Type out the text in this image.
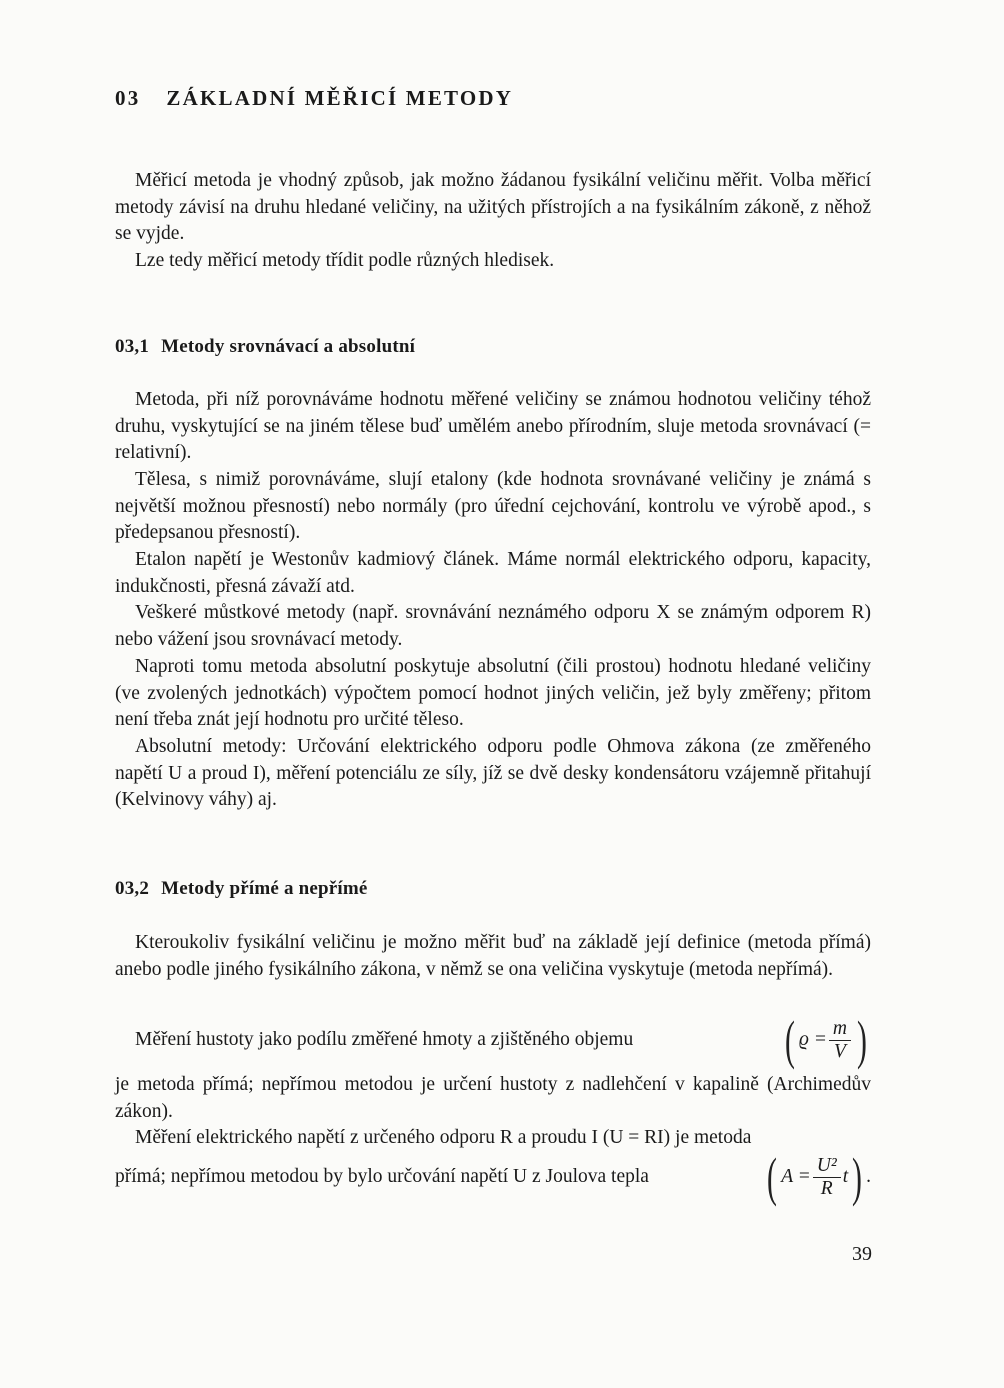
03 ZÁKLADNÍ MĚŘICÍ METODY

Měřicí metoda je vhodný způsob, jak možno žádanou fysikální veličinu měřit. Volba měřicí metody závisí na druhu hledané veličiny, na užitých přístrojích a na fysikálním zákoně, z něhož se vyjde.

Lze tedy měřicí metody třídit podle různých hledisek.

03,1 Metody srovnávací a absolutní

Metoda, při níž porovnáváme hodnotu měřené veličiny se známou hodnotou veličiny téhož druhu, vyskytující se na jiném tělese buď umělém anebo přírodním, sluje metoda srovnávací (= relativní).

Tělesa, s nimiž porovnáváme, slují etalony (kde hodnota srovnávané veličiny je známá s největší možnou přesností) nebo normály (pro úřední cejchování, kontrolu ve výrobě apod., s předepsanou přesností).

Etalon napětí je Westonův kadmiový článek. Máme normál elektrického odporu, kapacity, indukčnosti, přesná závaží atd.

Veškeré můstkové metody (např. srovnávání neznámého odporu X se známým odporem R) nebo vážení jsou srovnávací metody.

Naproti tomu metoda absolutní poskytuje absolutní (čili prostou) hodnotu hledané veličiny (ve zvolených jednotkách) výpočtem pomocí hodnot jiných veličin, jež byly změřeny; přitom není třeba znát její hodnotu pro určité těleso.

Absolutní metody: Určování elektrického odporu podle Ohmova zákona (ze změřeného napětí U a proud I), měření potenciálu ze síly, jíž se dvě desky kondensátoru vzájemně přitahují (Kelvinovy váhy) aj.

03,2 Metody přímé a nepřímé

Kteroukoliv fysikální veličinu je možno měřit buď na základě její definice (metoda přímá) anebo podle jiného fysikálního zákona, v němž se ona veličina vyskytuje (metoda nepřímá).

Měření hustoty jako podílu změřené hmoty a zjištěného objemu	( $ϱ = \frac{m}{V}$ )

je metoda přímá; nepřímou metodou je určení hustoty z nadlehčení v kapalině (Archimedův zákon).

Měření elektrického napětí z určeného odporu R a proudu I (U = RI) je metoda

přímá; nepřímou metodou by bylo určování napětí U z Joulova tepla ( $A = \frac{\text{U²}}{R}$ t ) .
39
